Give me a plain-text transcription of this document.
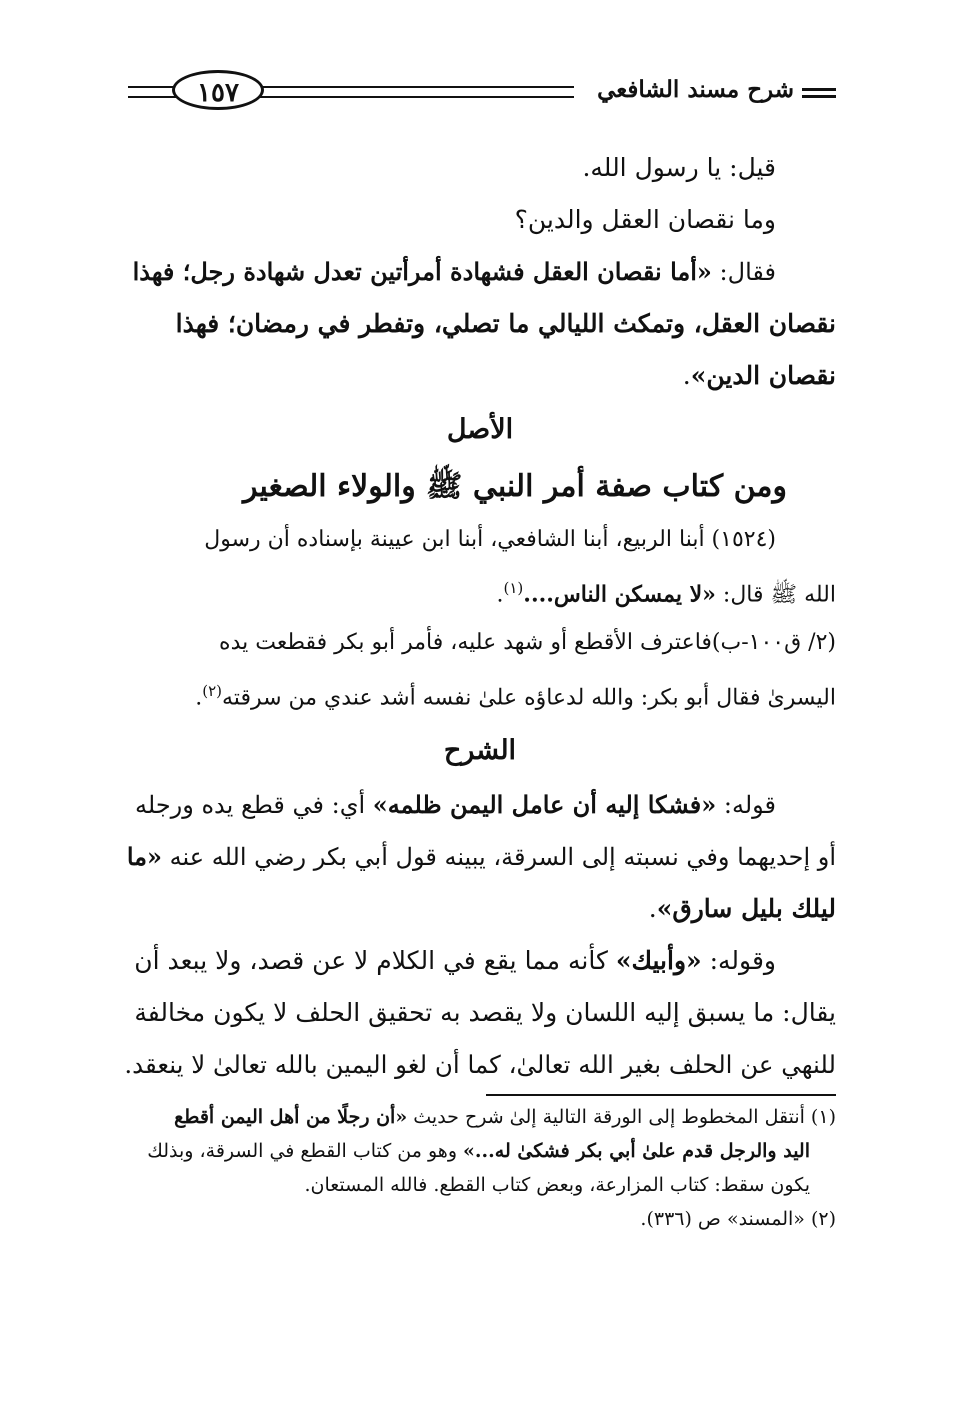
شرح مسند الشافعي
١٥٧
قيل: يا رسول الله.
وما نقصان العقل والدين؟
فقال: «أما نقصان العقل فشهادة أمرأتين تعدل شهادة رجل؛ فهذا
نقصان العقل، وتمكث الليالي ما تصلي، وتفطر في رمضان؛ فهذا
نقصان الدين».
الأصل
ومن كتاب صفة أمر النبي ﷺ والولاء الصغير
(١٥٢٤) أبنا الربيع، أبنا الشافعي، أبنا ابن عيينة بإسناده أن رسول
الله ﷺ قال: «لا يمسكن الناس....$^{(١)}$.
(٢/ ق١٠٠-ب)فاعترف الأقطع أو شهد عليه، فأمر أبو بكر فقطعت يده
اليسرىٰ فقال أبو بكر: والله لدعاؤه علىٰ نفسه أشد عندي من سرقته$^{(٢)}$.
الشرح
قوله: «فشكا إليه أن عامل اليمن ظلمه» أي: في قطع يده ورجله
أو إحديهما وفي نسبته إلى السرقة، يبينه قول أبي بكر رضي الله عنه «ما
ليلك بليل سارق».
وقوله: «وأبيك» كأنه مما يقع في الكلام لا عن قصد، ولا يبعد أن
يقال: ما يسبق إليه اللسان ولا يقصد به تحقيق الحلف لا يكون مخالفة
للنهي عن الحلف بغير الله تعالىٰ، كما أن لغو اليمين بالله تعالىٰ لا ينعقد.
(١) أنتقل المخطوط إلى الورقة التالية إلىٰ شرح حديث «أن رجلًا من أهل اليمن أقطع
اليد والرجل قدم علىٰ أبي بكر فشكىٰ له...» وهو من كتاب القطع في السرقة، وبذلك
يكون سقط: كتاب المزارعة، وبعض كتاب القطع. فالله المستعان.
(٢) «المسند» ص (٣٣٦).
